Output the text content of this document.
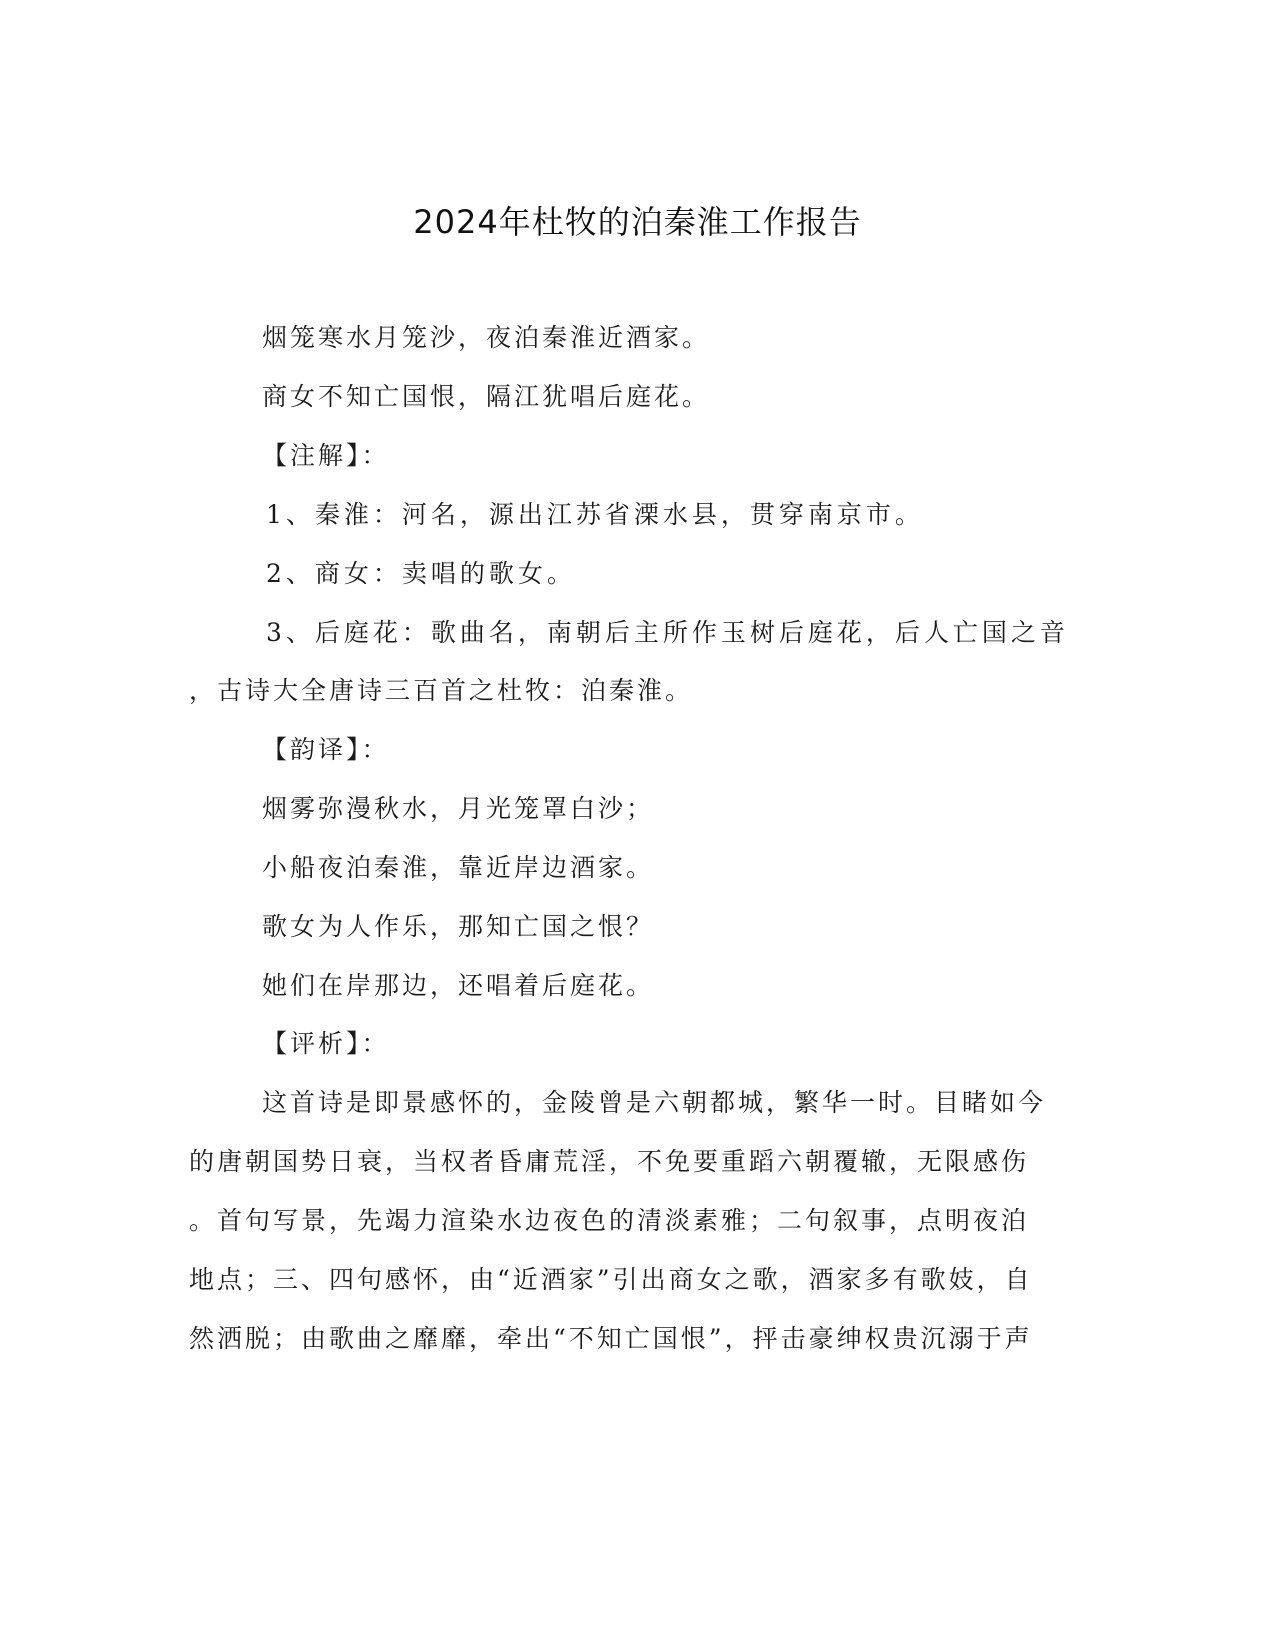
2024年杜牧的泊秦淮工作报告
烟笼寒水月笼沙，夜泊秦淮近酒家。
商女不知亡国恨，隔江犹唱后庭花。
【注解】：
1、秦淮：河名，源出江苏省溧水县，贯穿南京市。
2、商女：卖唱的歌女。
3、后庭花：歌曲名，南朝后主所作玉树后庭花，后人亡国之音
，古诗大全唐诗三百首之杜牧：泊秦淮。
【韵译】：
烟雾弥漫秋水，月光笼罩白沙；
小船夜泊秦淮，靠近岸边酒家。
歌女为人作乐，那知亡国之恨？
她们在岸那边，还唱着后庭花。
【评析】：
这首诗是即景感怀的，金陵曾是六朝都城，繁华一时。目睹如今
的唐朝国势日衰，当权者昏庸荒淫，不免要重蹈六朝覆辙，无限感伤
。首句写景，先竭力渲染水边夜色的清淡素雅；二句叙事，点明夜泊
地点；三、四句感怀，由“近酒家”引出商女之歌，酒家多有歌妓，自
然洒脱；由歌曲之靡靡，牵出“不知亡国恨”，抨击豪绅权贵沉溺于声
